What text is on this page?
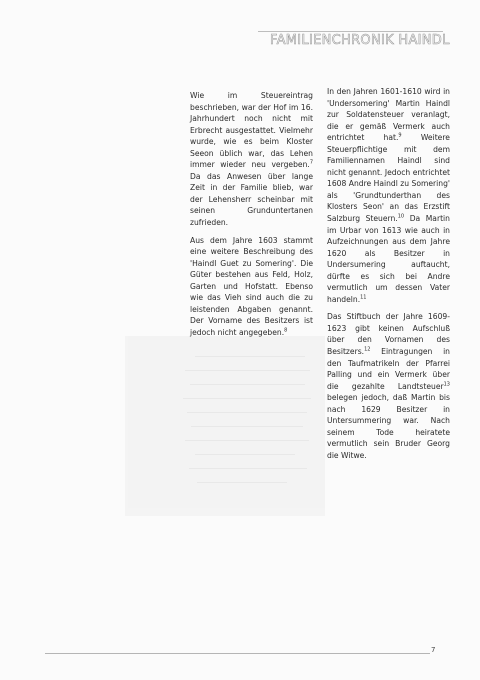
FAMILIENCHRONIK HAINDL

Wie im Steuereintrag beschrieben, war der Hof im 16. Jahrhundert noch nicht mit Erbrecht ausgestattet. Vielmehr wurde, wie es beim Kloster Seeon üblich war, das Lehen immer wieder neu vergeben.$^7$ Da das Anwesen über lange Zeit in der Familie blieb, war der Lehensherr scheinbar mit seinen Grunduntertanen zufrieden.

Aus dem Jahre 1603 stammt eine weitere Beschreibung des 'Haindl Guet zu Somering'. Die Güter bestehen aus Feld, Holz, Garten und Hofstatt. Ebenso wie das Vieh sind auch die zu leistenden Abgaben genannt. Der Vorname des Besitzers ist jedoch nicht angegeben.$^8$

In den Jahren 1601-1610 wird in 'Undersomering' Martin Haindl zur Soldatensteuer veranlagt, die er gemäß Vermerk auch entrichtet hat.$^9$ Weitere Steuerpflichtige mit dem Familiennamen Haindl sind nicht genannt. Jedoch entrichtet 1608 Andre Haindl zu Somering' als 'Grundtunderthan des Klosters Seon' an das Erzstift Salzburg Steuern.$^{10}$ Da Martin im Urbar von 1613 wie auch in Aufzeichnungen aus dem Jahre 1620 als Besitzer in Undersumering auftaucht, dürfte es sich bei Andre vermutlich um dessen Vater handeln.$^{11}$

Das Stiftbuch der Jahre 1609-1623 gibt keinen Aufschluß über den Vornamen des Besitzers.$^{12}$ Eintragungen in den Taufmatrikeln der Pfarrei Palling und ein Vermerk über die gezahlte Landtsteuer$^{13}$ belegen jedoch, daß Martin bis nach 1629 Besitzer in Untersummering war. Nach seinem Tode heiratete vermutlich sein Bruder Georg die Witwe.

7
